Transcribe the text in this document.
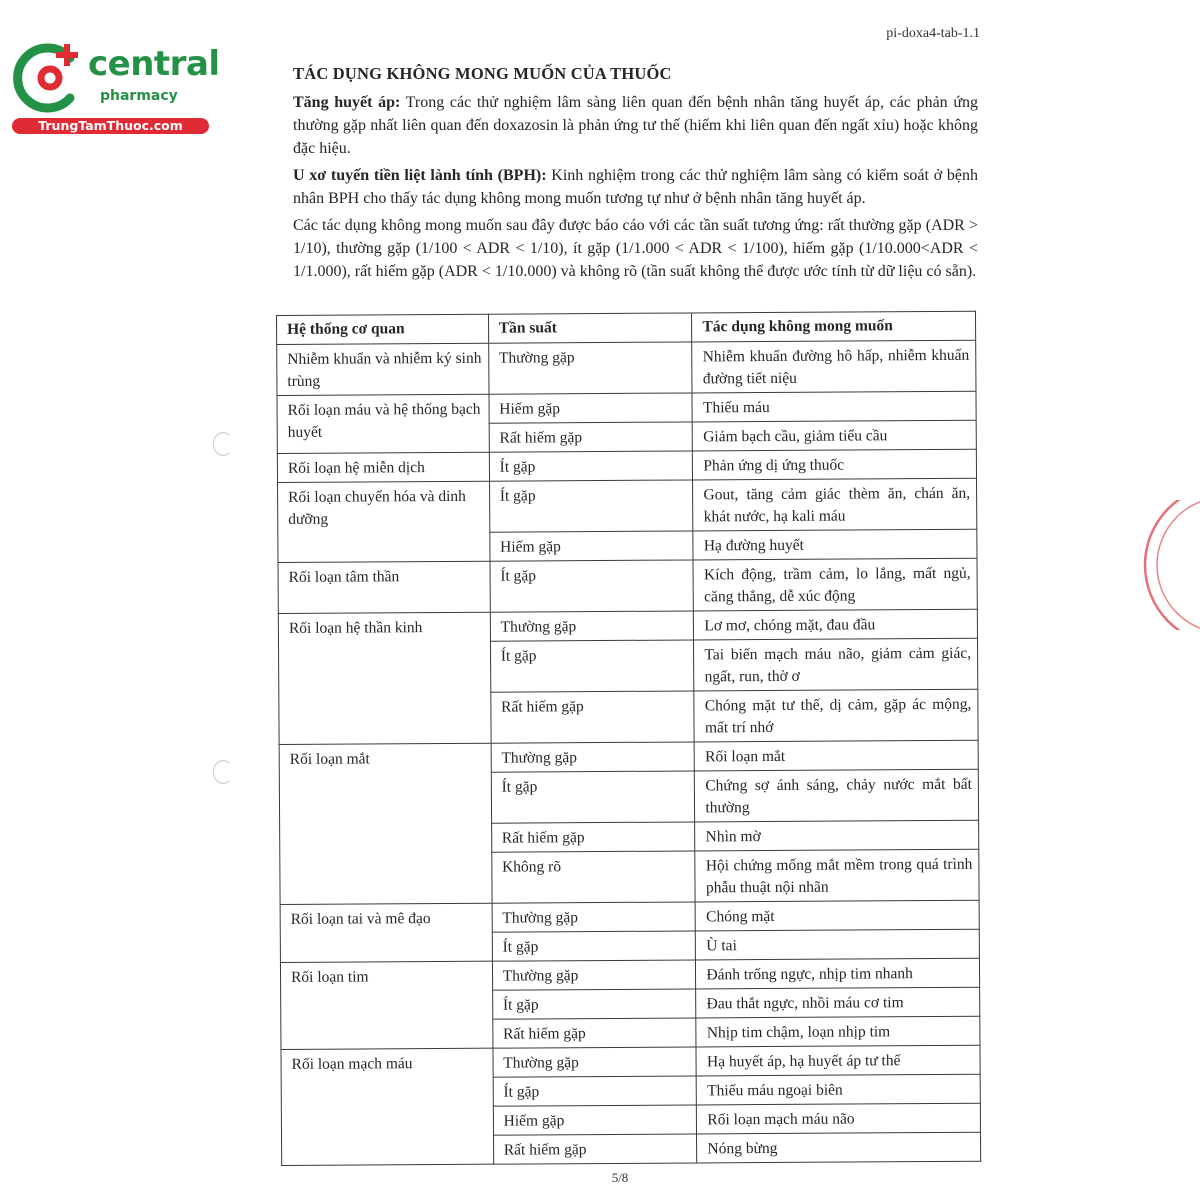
central
pharmacy
TrungTamThuoc.com
pi-doxa4-tab-1.1
TÁC DỤNG KHÔNG MONG MUỐN CỦA THUỐC

Tăng huyết áp: Trong các thử nghiệm lâm sàng liên quan đến bệnh nhân tăng huyết áp, các phản ứng thường gặp nhất liên quan đến doxazosin là phản ứng tư thế (hiếm khi liên quan đến ngất xỉu) hoặc không đặc hiệu.

U xơ tuyến tiền liệt lành tính (BPH): Kinh nghiệm trong các thử nghiệm lâm sàng có kiểm soát ở bệnh nhân BPH cho thấy tác dụng không mong muốn tương tự như ở bệnh nhân tăng huyết áp.

Các tác dụng không mong muốn sau đây được báo cáo với các tần suất tương ứng: rất thường gặp (ADR > 1/10), thường gặp (1/100 < ADR < 1/10), ít gặp (1/1.000 < ADR < 1/100), hiếm gặp (1/10.000<ADR < 1/1.000), rất hiếm gặp (ADR < 1/10.000) và không rõ (tần suất không thể được ước tính từ dữ liệu có sẵn).

Hệ thống cơ quan	Tần suất	Tác dụng không mong muốn
Nhiễm khuẩn và nhiễm ký sinh trùng	Thường gặp	Nhiễm khuẩn đường hô hấp, nhiễm khuẩn đường tiết niệu
Rối loạn máu và hệ thống bạch huyết	Hiếm gặp	Thiếu máu
	Rất hiếm gặp	Giảm bạch cầu, giảm tiểu cầu
Rối loạn hệ miễn dịch	Ít gặp	Phản ứng dị ứng thuốc
Rối loạn chuyển hóa và dinh dưỡng	Ít gặp	Gout, tăng cảm giác thèm ăn, chán ăn, khát nước, hạ kali máu
	Hiếm gặp	Hạ đường huyết
Rối loạn tâm thần	Ít gặp	Kích động, trầm cảm, lo lắng, mất ngủ, căng thẳng, dễ xúc động
Rối loạn hệ thần kinh	Thường gặp	Lơ mơ, chóng mặt, đau đầu
	Ít gặp	Tai biến mạch máu não, giảm cảm giác, ngất, run, thờ ơ
	Rất hiếm gặp	Chóng mặt tư thế, dị cảm, gặp ác mộng, mất trí nhớ
Rối loạn mắt	Thường gặp	Rối loạn mắt
	Ít gặp	Chứng sợ ánh sáng, chảy nước mắt bất thường
	Rất hiếm gặp	Nhìn mờ
	Không rõ	Hội chứng mống mắt mềm trong quá trình phẫu thuật nội nhãn
Rối loạn tai và mê đạo	Thường gặp	Chóng mặt
	Ít gặp	Ù tai
Rối loạn tim	Thường gặp	Đánh trống ngực, nhịp tim nhanh
	Ít gặp	Đau thắt ngực, nhồi máu cơ tim
	Rất hiếm gặp	Nhịp tim chậm, loạn nhịp tim
Rối loạn mạch máu	Thường gặp	Hạ huyết áp, hạ huyết áp tư thế
	Ít gặp	Thiếu máu ngoại biên
	Hiếm gặp	Rối loạn mạch máu não
	Rất hiếm gặp	Nóng bừng
5/8
